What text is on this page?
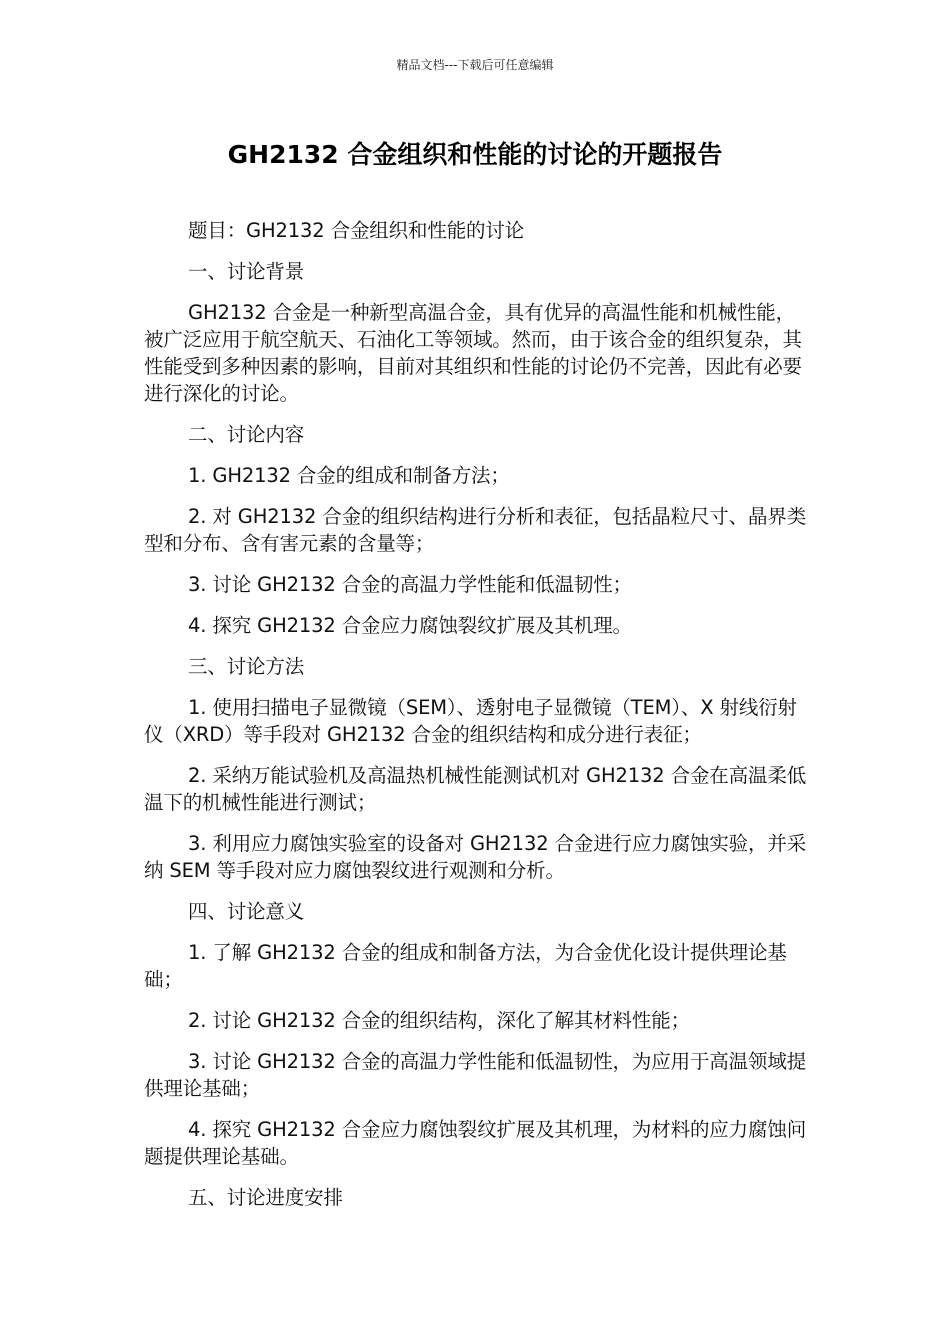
精品文档---下载后可任意编辑
GH2132 合金组织和性能的讨论的开题报告

题目：GH2132 合金组织和性能的讨论

一、讨论背景

GH2132 合金是一种新型高温合金，具有优异的高温性能和机械性能，被广泛应用于航空航天、石油化工等领域。然而，由于该合金的组织复杂，其性能受到多种因素的影响，目前对其组织和性能的讨论仍不完善，因此有必要进行深化的讨论。

二、讨论内容

1. GH2132 合金的组成和制备方法；

2. 对 GH2132 合金的组织结构进行分析和表征，包括晶粒尺寸、晶界类型和分布、含有害元素的含量等；

3. 讨论 GH2132 合金的高温力学性能和低温韧性；

4. 探究 GH2132 合金应力腐蚀裂纹扩展及其机理。

三、讨论方法

1. 使用扫描电子显微镜（SEM）、透射电子显微镜（TEM）、X 射线衍射仪（XRD）等手段对 GH2132 合金的组织结构和成分进行表征；

2. 采纳万能试验机及高温热机械性能测试机对 GH2132 合金在高温柔低温下的机械性能进行测试；

3. 利用应力腐蚀实验室的设备对 GH2132 合金进行应力腐蚀实验，并采纳 SEM 等手段对应力腐蚀裂纹进行观测和分析。

四、讨论意义

1. 了解 GH2132 合金的组成和制备方法，为合金优化设计提供理论基础；

2. 讨论 GH2132 合金的组织结构，深化了解其材料性能；

3. 讨论 GH2132 合金的高温力学性能和低温韧性，为应用于高温领域提供理论基础；

4. 探究 GH2132 合金应力腐蚀裂纹扩展及其机理，为材料的应力腐蚀问题提供理论基础。

五、讨论进度安排
